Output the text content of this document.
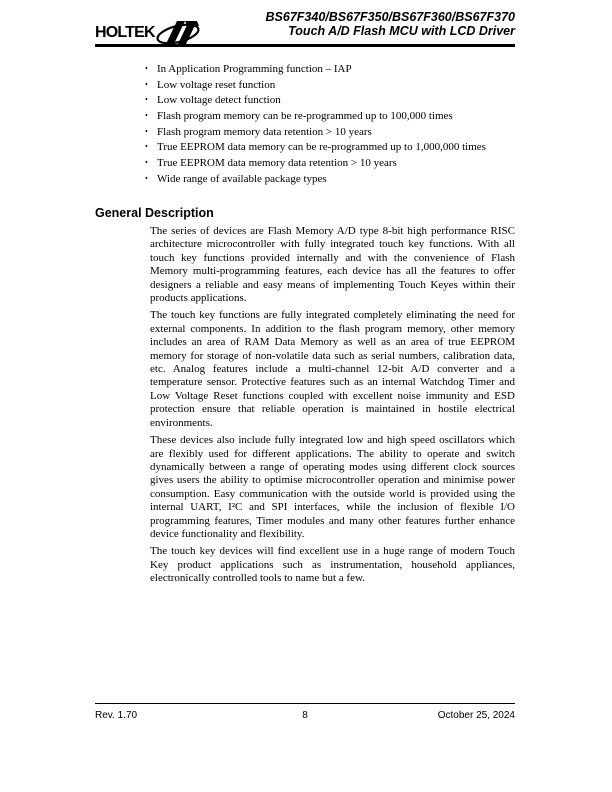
HOLTEK
BS67F340/BS67F350/BS67F360/BS67F370
Touch A/D Flash MCU with LCD Driver
• In Application Programming function – IAP
• Low voltage reset function
• Low voltage detect function
• Flash program memory can be re-programmed up to 100,000 times
• Flash program memory data retention > 10 years
• True EEPROM data memory can be re-programmed up to 1,000,000 times
• True EEPROM data memory data retention > 10 years
• Wide range of available package types
General Description

The series of devices are Flash Memory A/D type 8-bit high performance RISC architecture microcontroller with fully integrated touch key functions. With all touch key functions provided internally and with the convenience of Flash Memory multi-programming features, each device has all the features to offer designers a reliable and easy means of implementing Touch Keyes within their products applications.

The touch key functions are fully integrated completely eliminating the need for external components. In addition to the flash program memory, other memory includes an area of RAM Data Memory as well as an area of true EEPROM memory for storage of non-volatile data such as serial numbers, calibration data, etc. Analog features include a multi-channel 12-bit A/D converter and a temperature sensor. Protective features such as an internal Watchdog Timer and Low Voltage Reset functions coupled with excellent noise immunity and ESD protection ensure that reliable operation is maintained in hostile electrical environments.

These devices also include fully integrated low and high speed oscillators which are flexibly used for different applications. The ability to operate and switch dynamically between a range of operating modes using different clock sources gives users the ability to optimise microcontroller operation and minimise power consumption. Easy communication with the outside world is provided using the internal UART, I²C and SPI interfaces, while the inclusion of flexible I/O programming features, Timer modules and many other features further enhance device functionality and flexibility.

The touch key devices will find excellent use in a huge range of modern Touch Key product applications such as instrumentation, household appliances, electronically controlled tools to name but a few.

Rev. 1.70	8	October 25, 2024
